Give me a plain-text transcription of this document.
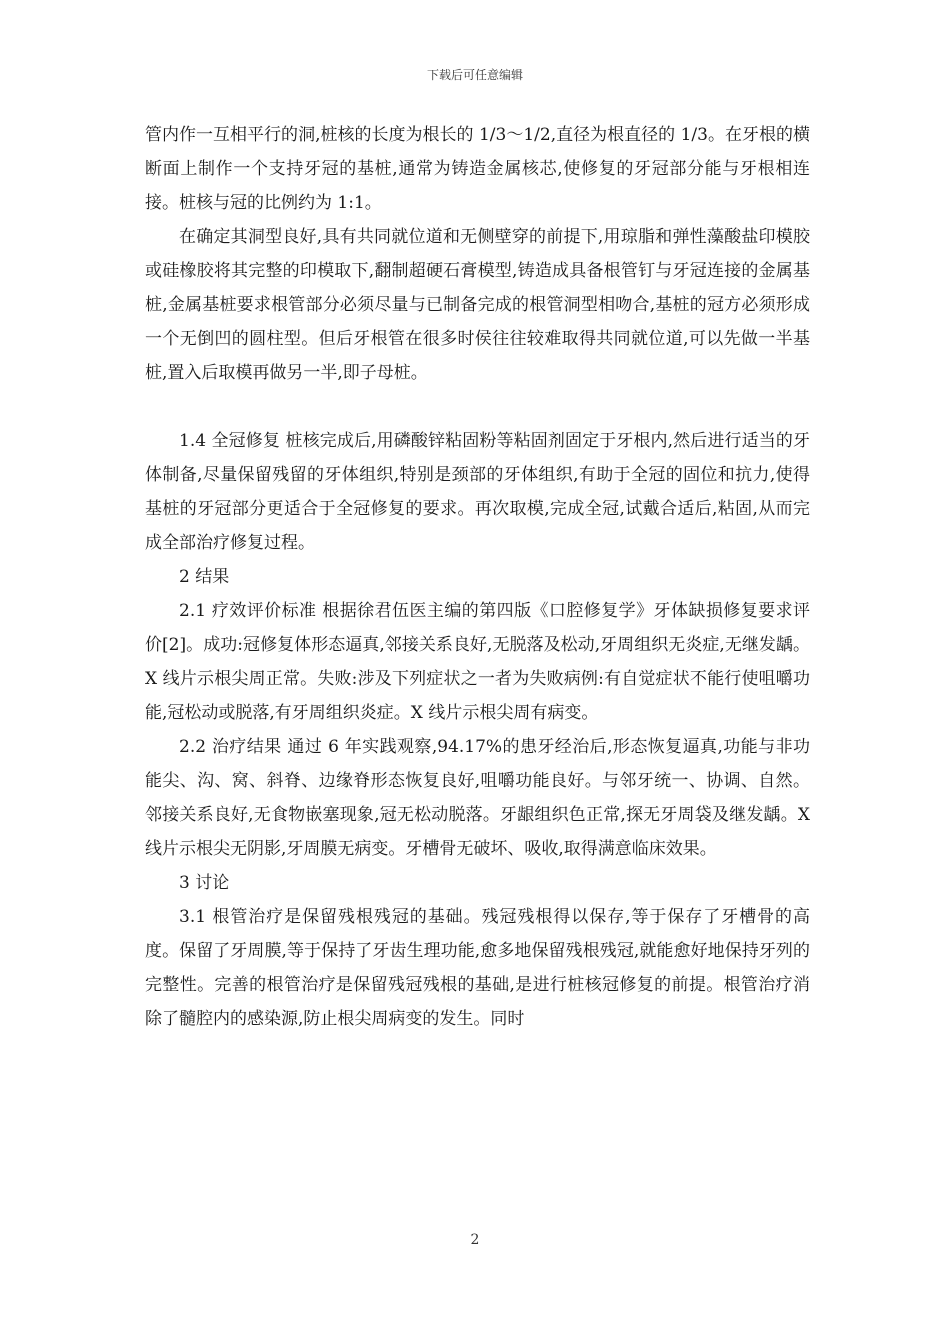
下载后可任意编辑

管内作一互相平行的洞,桩核的长度为根长的 1/3～1/2,直径为根直径的 1/3。在牙根的横断面上制作一个支持牙冠的基桩,通常为铸造金属核芯,使修复的牙冠部分能与牙根相连接。桩核与冠的比例约为 1:1。

在确定其洞型良好,具有共同就位道和无侧壁穿的前提下,用琼脂和弹性藻酸盐印模胶或硅橡胶将其完整的印模取下,翻制超硬石膏模型,铸造成具备根管钉与牙冠连接的金属基桩,金属基桩要求根管部分必须尽量与已制备完成的根管洞型相吻合,基桩的冠方必须形成一个无倒凹的圆柱型。但后牙根管在很多时侯往往较难取得共同就位道,可以先做一半基桩,置入后取模再做另一半,即子母桩。

1.4 全冠修复 桩核完成后,用磷酸锌粘固粉等粘固剂固定于牙根内,然后进行适当的牙体制备,尽量保留残留的牙体组织,特别是颈部的牙体组织,有助于全冠的固位和抗力,使得基桩的牙冠部分更适合于全冠修复的要求。再次取模,完成全冠,试戴合适后,粘固,从而完成全部治疗修复过程。

2 结果

2.1 疗效评价标准 根据徐君伍医主编的第四版《口腔修复学》牙体缺损修复要求评价[2]。成功:冠修复体形态逼真,邻接关系良好,无脱落及松动,牙周组织无炎症,无继发龋。X 线片示根尖周正常。失败:涉及下列症状之一者为失败病例:有自觉症状不能行使咀嚼功能,冠松动或脱落,有牙周组织炎症。X 线片示根尖周有病变。

2.2 治疗结果 通过 6 年实践观察,94.17%的患牙经治后,形态恢复逼真,功能与非功能尖、沟、窝、斜脊、边缘脊形态恢复良好,咀嚼功能良好。与邻牙统一、协调、自然。邻接关系良好,无食物嵌塞现象,冠无松动脱落。牙龈组织色正常,探无牙周袋及继发龋。X 线片示根尖无阴影,牙周膜无病变。牙槽骨无破坏、吸收,取得满意临床效果。

3 讨论

3.1 根管治疗是保留残根残冠的基础。残冠残根得以保存,等于保存了牙槽骨的高度。保留了牙周膜,等于保持了牙齿生理功能,愈多地保留残根残冠,就能愈好地保持牙列的完整性。完善的根管治疗是保留残冠残根的基础,是进行桩核冠修复的前提。根管治疗消除了髓腔内的感染源,防止根尖周病变的发生。同时

2
